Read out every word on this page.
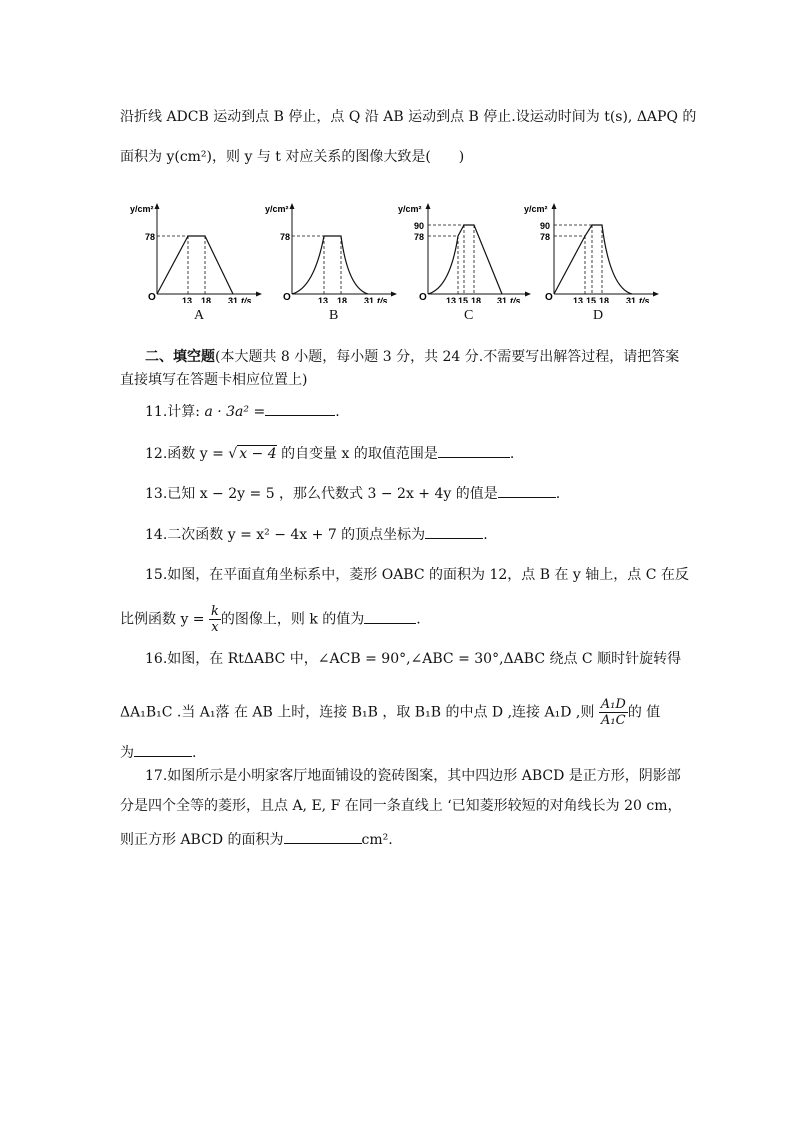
沿折线 ADCB 运动到点 B 停止，点 Q 沿 AB 运动到点 B 停止.设运动时间为 t(s), ΔAPQ 的
面积为 y(cm²)，则 y 与 t 对应关系的图像大致是(　　)
y/cm²
78
O	13 18 31 t/s
A
y/cm²
78
O	13 18 31 t/s
B
y/cm²
90
78
O 13 15 18 31 t/s
C
y/cm²
90
78
O 13 15 18 31 t/s
D
二、填空题(本大题共 8 小题，每小题 3 分，共 24 分.不需要写出解答过程，请把答案
直接填写在答题卡相应位置上)
11.计算: a · 3a² =	.
12.函数 y = √ x − 4 的自变量 x 的取值范围是	.
13.已知 x − 2y = 5 ，那么代数式 3 − 2x + 4y 的值是	.
14.二次函数 y = x² − 4x + 7 的顶点坐标为	.
15.如图，在平面直角坐标系中，菱形 OABC 的面积为 12，点 B 在 y 轴上，点 C 在反
比例函数 $y = \frac{k}{x}$ 的图像上，则 k 的值为	.
16.如图，在 RtΔABC 中，∠ACB = 90°,∠ABC = 30°,ΔABC 绕点 C 顺时针旋转得
ΔA₁B₁C .当 A₁落 在 AB 上时，连接 B₁B ，取 B₁B 的中点 D ,连接 A₁D ,则 $\frac{\text{A₁D}}{\text{A₁C}}$ 的 值
为	.
17.如图所示是小明家客厅地面铺设的瓷砖图案，其中四边形 ABCD 是正方形，阴影部
分是四个全等的菱形，且点 A, E, F 在同一条直线上 ‘已知菱形较短的对角线长为 20 cm，
则正方形 ABCD 的面积为	cm².
